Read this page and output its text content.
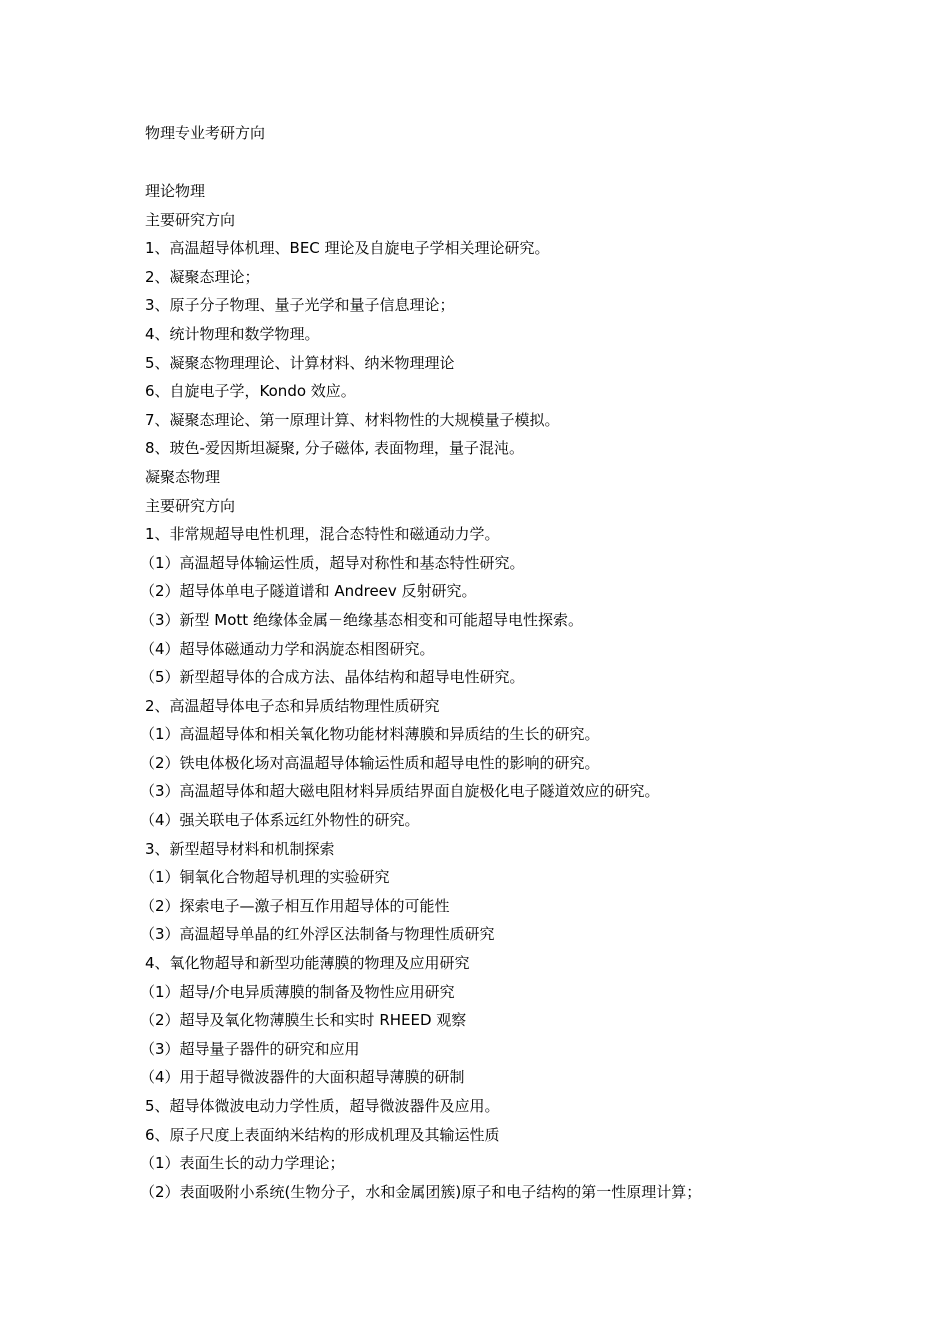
物理专业考研方向
理论物理
主要研究方向
1、高温超导体机理、BEC 理论及自旋电子学相关理论研究。
2、凝聚态理论；
3、原子分子物理、量子光学和量子信息理论；
4、统计物理和数学物理。
5、凝聚态物理理论、计算材料、纳米物理理论
6、自旋电子学，Kondo 效应。
7、凝聚态理论、第一原理计算、材料物性的大规模量子模拟。
8、玻色-爱因斯坦凝聚, 分子磁体, 表面物理，量子混沌。
凝聚态物理
主要研究方向
1、非常规超导电性机理，混合态特性和磁通动力学。
（1）高温超导体输运性质，超导对称性和基态特性研究。
（2）超导体单电子隧道谱和 Andreev 反射研究。
（3）新型 Mott 绝缘体金属－绝缘基态相变和可能超导电性探索。
（4）超导体磁通动力学和涡旋态相图研究。
（5）新型超导体的合成方法、晶体结构和超导电性研究。
2、高温超导体电子态和异质结物理性质研究
（1）高温超导体和相关氧化物功能材料薄膜和异质结的生长的研究。
（2）铁电体极化场对高温超导体输运性质和超导电性的影响的研究。
（3）高温超导体和超大磁电阻材料异质结界面自旋极化电子隧道效应的研究。
（4）强关联电子体系远红外物性的研究。
3、新型超导材料和机制探索
（1）铜氧化合物超导机理的实验研究
（2）探索电子—激子相互作用超导体的可能性
（3）高温超导单晶的红外浮区法制备与物理性质研究
4、氧化物超导和新型功能薄膜的物理及应用研究
（1）超导/介电异质薄膜的制备及物性应用研究
（2）超导及氧化物薄膜生长和实时 RHEED 观察
（3）超导量子器件的研究和应用
（4）用于超导微波器件的大面积超导薄膜的研制
5、超导体微波电动力学性质，超导微波器件及应用。
6、原子尺度上表面纳米结构的形成机理及其输运性质
（1）表面生长的动力学理论；
（2）表面吸附小系统(生物分子，水和金属团簇)原子和电子结构的第一性原理计算；
